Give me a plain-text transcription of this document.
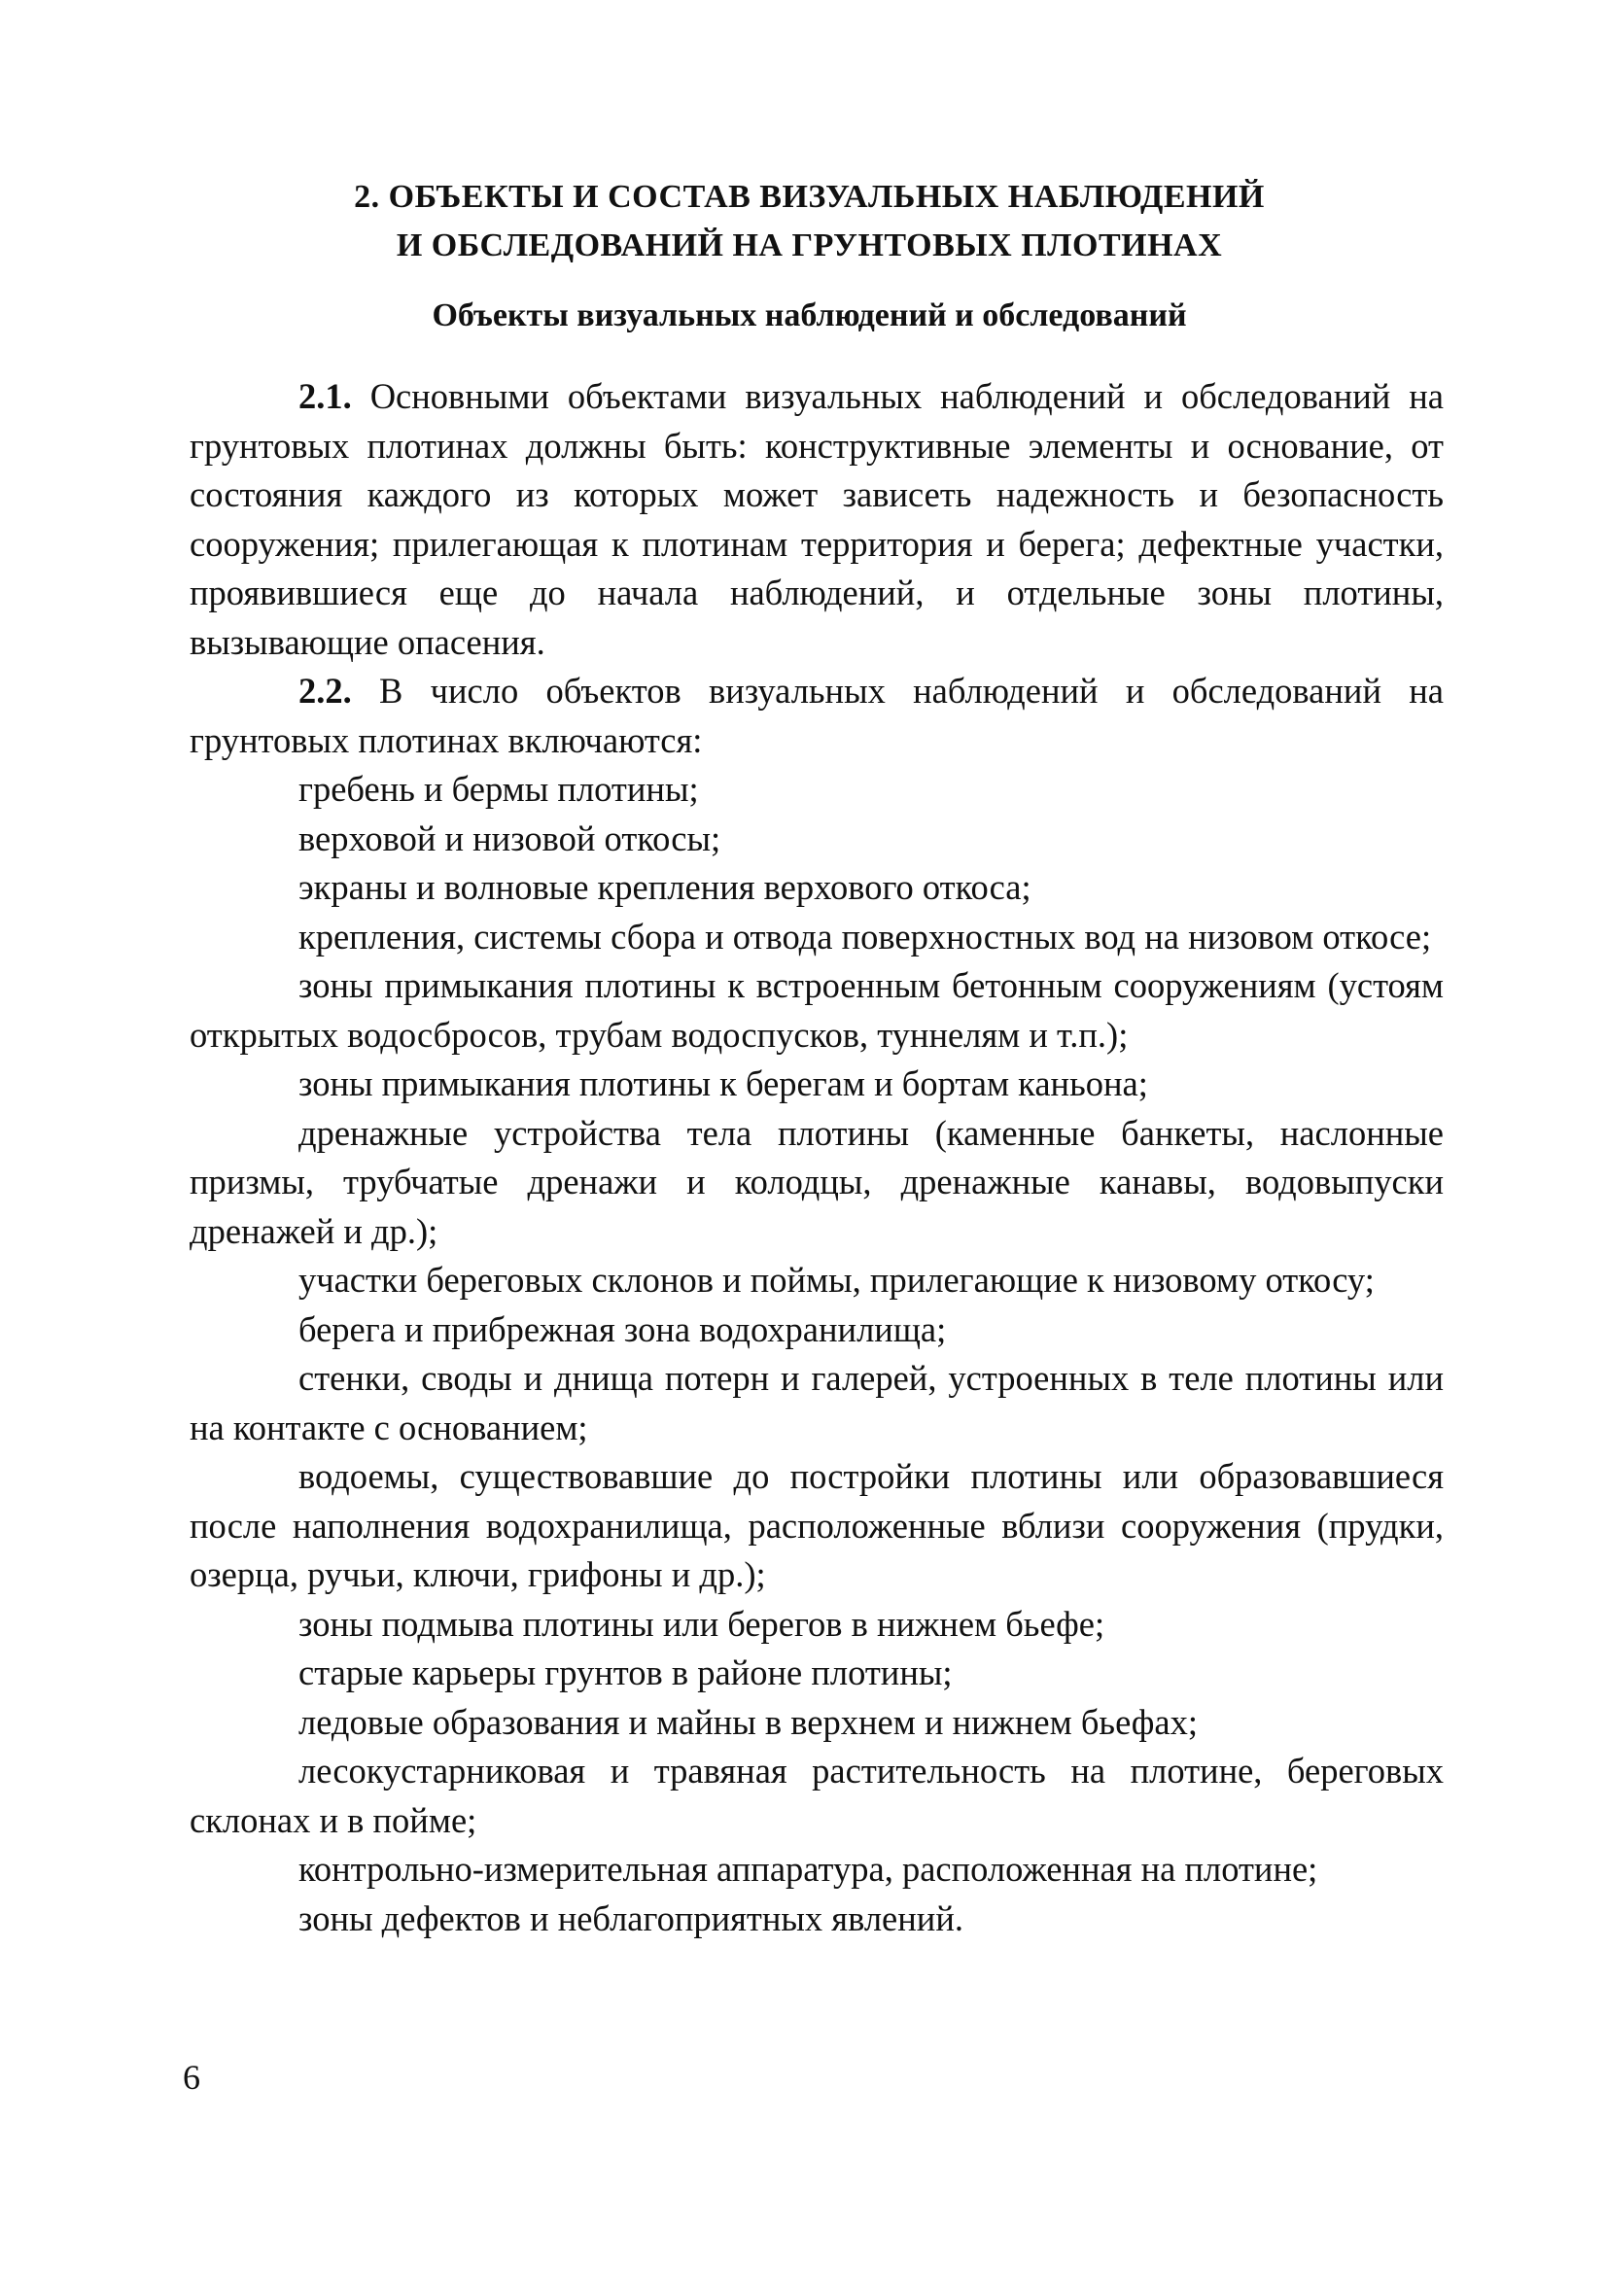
2. ОБЪЕКТЫ И СОСТАВ ВИЗУАЛЬНЫХ НАБЛЮДЕНИЙ
И ОБСЛЕДОВАНИЙ НА ГРУНТОВЫХ ПЛОТИНАХ
Объекты визуальных наблюдений и обследований

2.1. Основными объектами визуальных наблюдений и обследований на грунтовых плотинах должны быть: конструктивные элементы и основание, от состояния каждого из которых может зависеть надежность и безопасность сооружения; прилегающая к плотинам территория и берега; дефектные участки, проявившиеся еще до начала наблюдений, и отдельные зоны плотины, вызывающие опасения.

2.2. В число объектов визуальных наблюдений и обследований на грунтовых плотинах включаются:

гребень и бермы плотины;

верховой и низовой откосы;

экраны и волновые крепления верхового откоса;

крепления, системы сбора и отвода поверхностных вод на низовом откосе;

зоны примыкания плотины к встроенным бетонным сооружениям (устоям открытых водосбросов, трубам водоспусков, туннелям и т.п.);

зоны примыкания плотины к берегам и бортам каньона;

дренажные устройства тела плотины (каменные банкеты, наслонные призмы, трубчатые дренажи и колодцы, дренажные канавы, водовыпуски дренажей и др.);

участки береговых склонов и поймы, прилегающие к низовому откосу;

берега и прибрежная зона водохранилища;

стенки, своды и днища потерн и галерей, устроенных в теле плотины или на контакте с основанием;

водоемы, существовавшие до постройки плотины или образовавшиеся после наполнения водохранилища, расположенные вблизи сооружения (прудки, озерца, ручьи, ключи, грифоны и др.);

зоны подмыва плотины или берегов в нижнем бьефе;

старые карьеры грунтов в районе плотины;

ледовые образования и майны в верхнем и нижнем бьефах;

лесокустарниковая и травяная растительность на плотине, береговых склонах и в пойме;

контрольно-измерительная аппаратура, расположенная на плотине;

зоны дефектов и неблагоприятных явлений.

6
